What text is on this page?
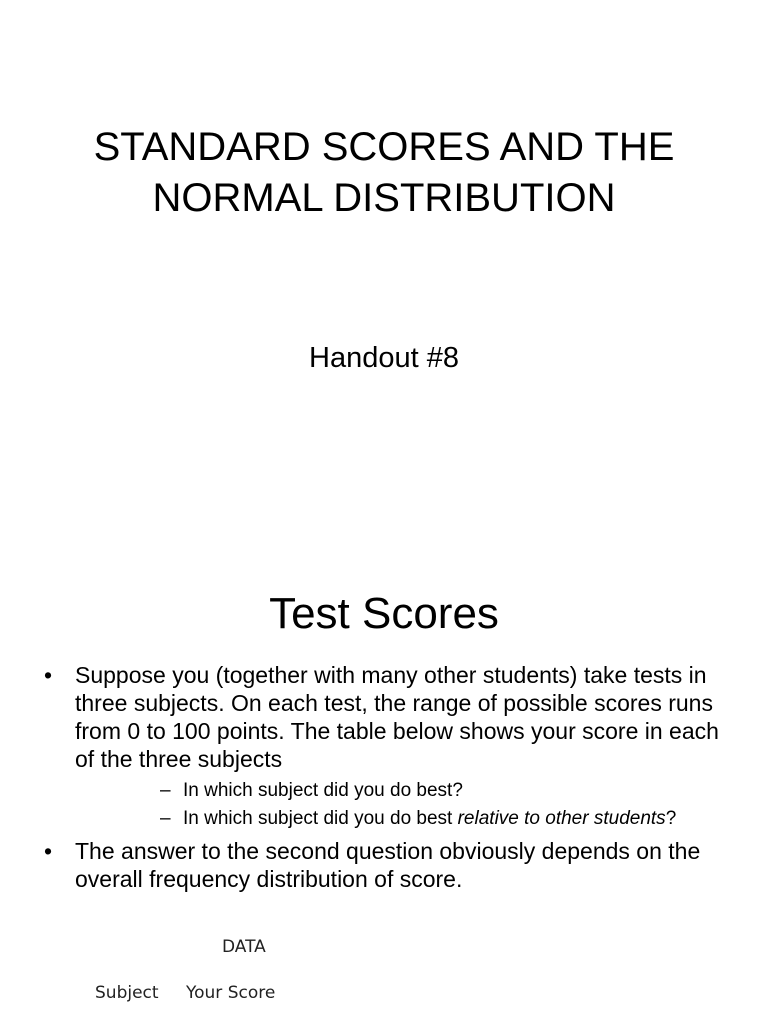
STANDARD SCORES AND THE
NORMAL DISTRIBUTION

Handout #8

Test Scores
• Suppose you (together with many other students) take tests in three subjects. On each test, the range of possible scores runs from 0 to 100 points. The table below shows your score in each of the three subjects
– In which subject did you do best?
– In which subject did you do best relative to other students?
• The answer to the second question obviously depends on the overall frequency distribution of score.
DATA
Subject Your Score
